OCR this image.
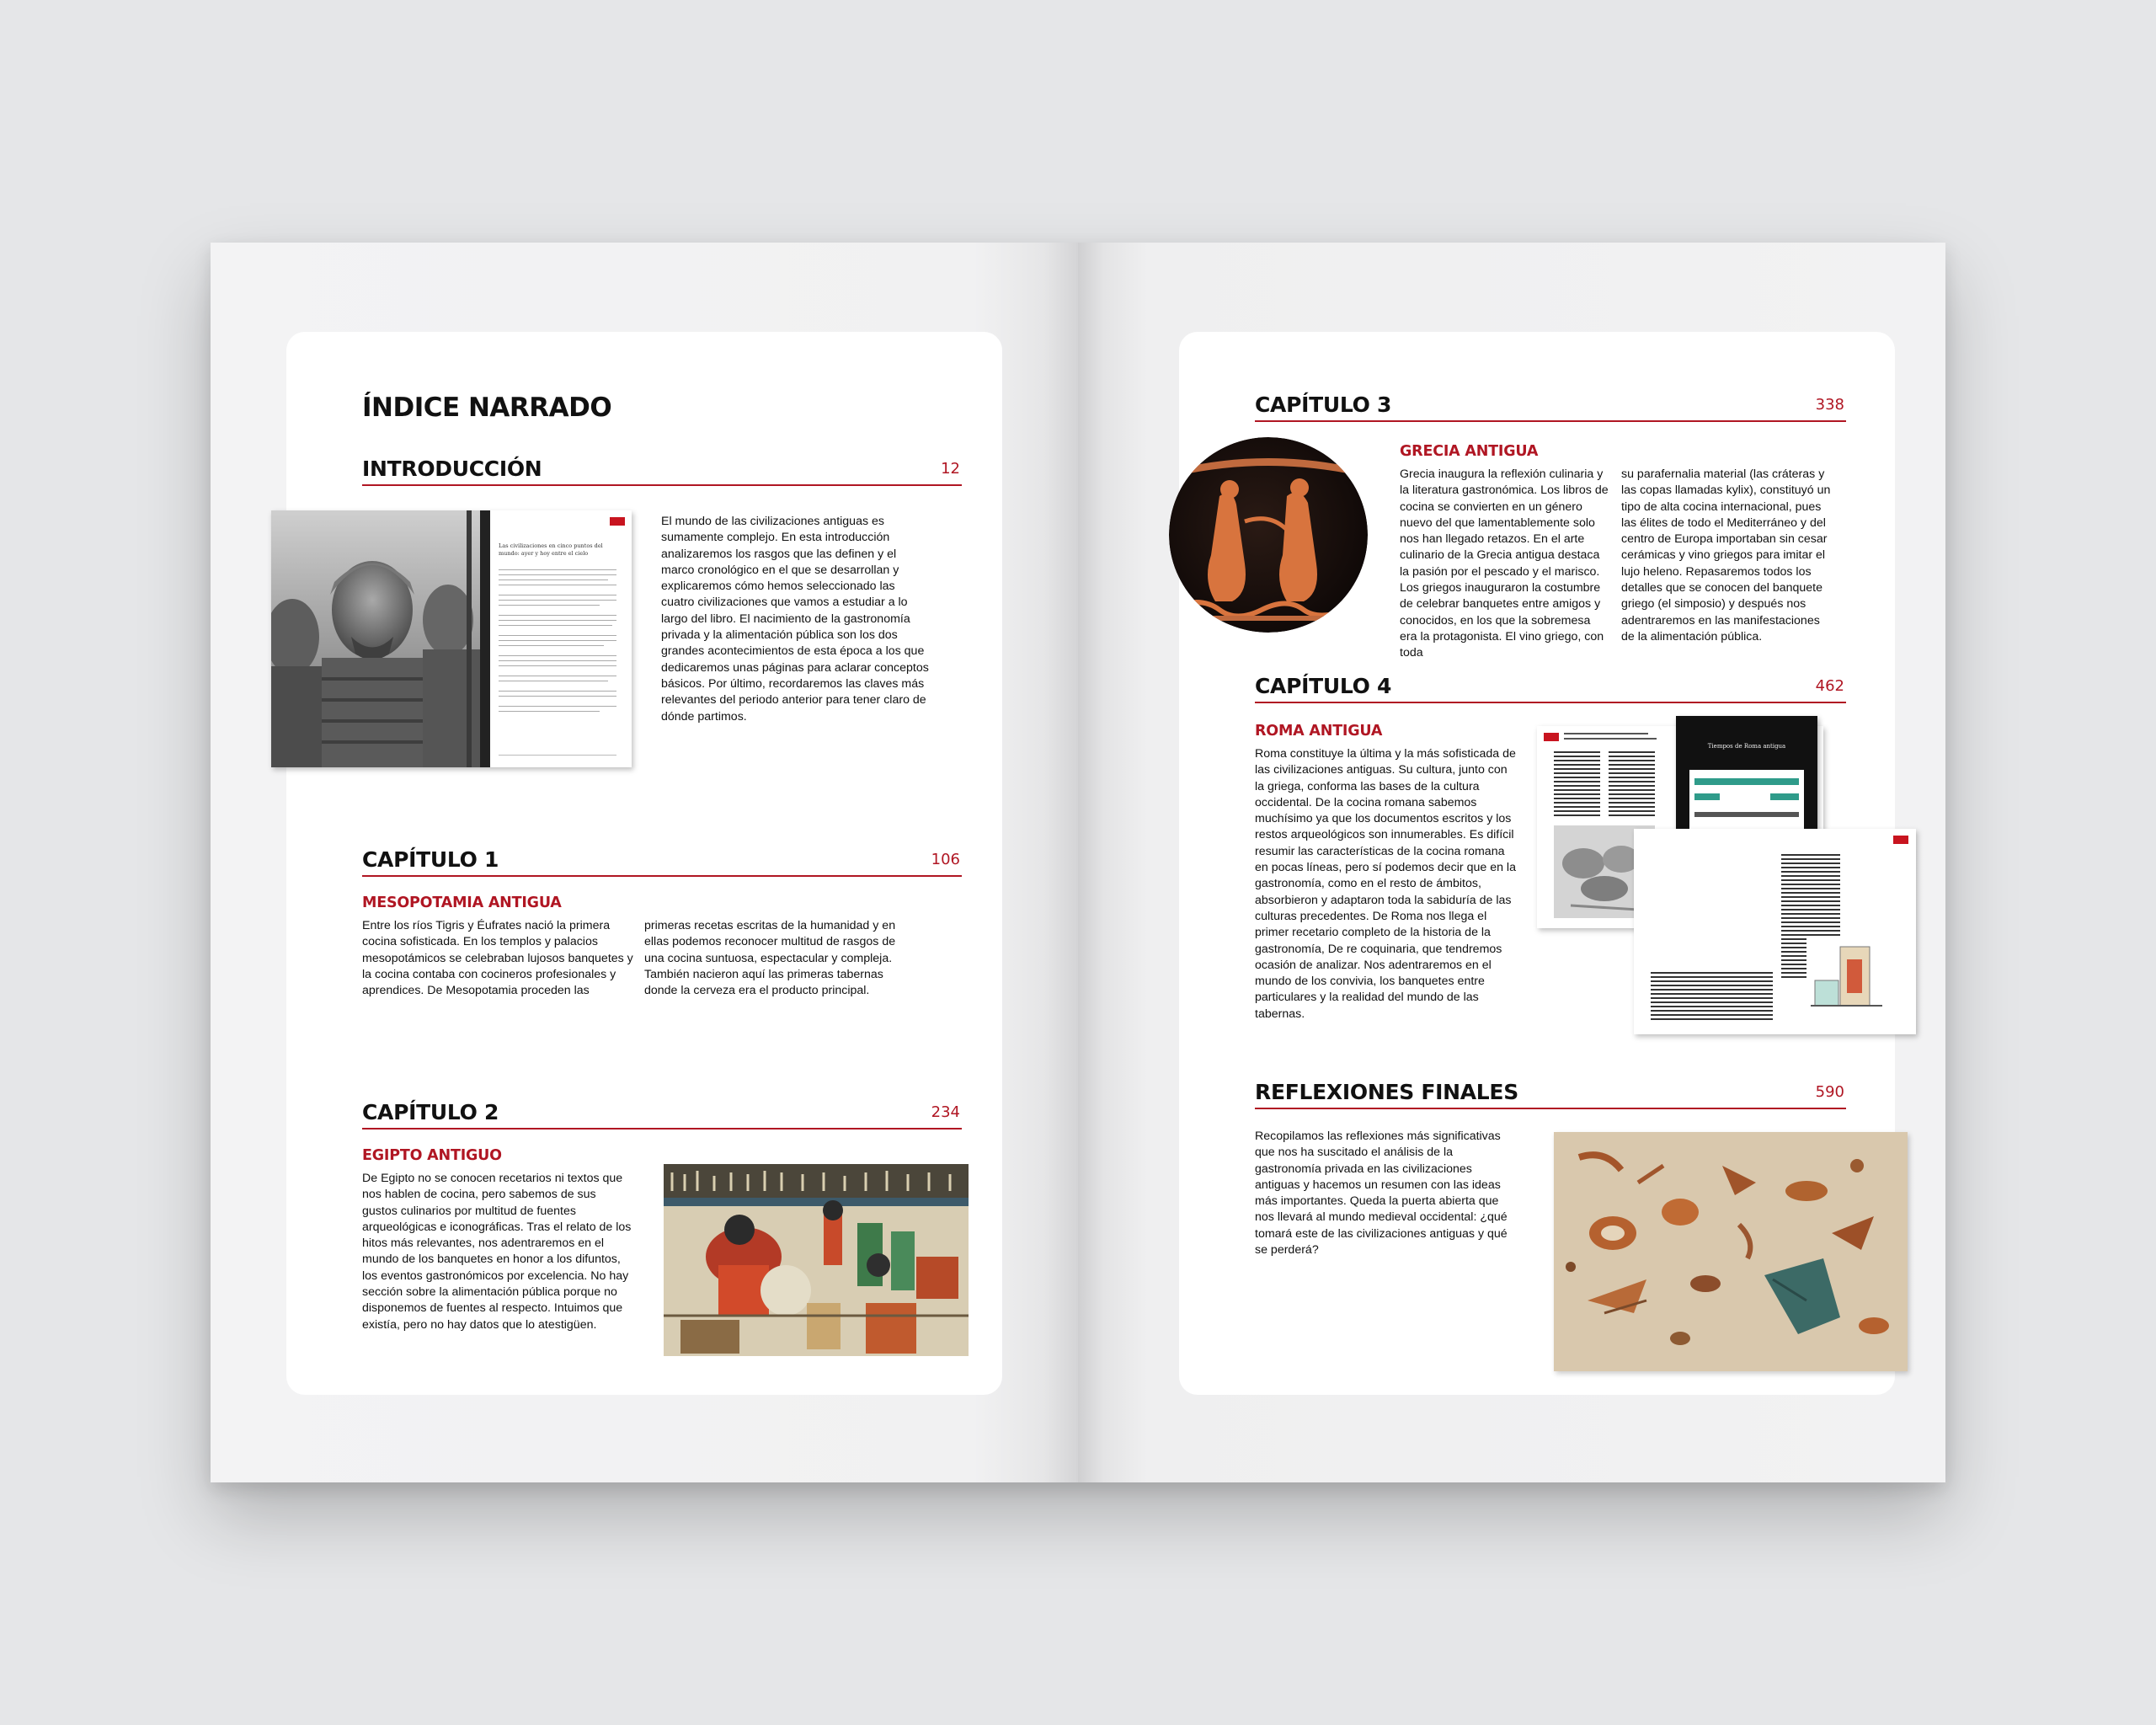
ÍNDICE NARRADO
INTRODUCCIÓN	12
Las civilizaciones en cinco puntos del mundo: ayer y hoy entre el cielo
El mundo de las civilizaciones antiguas es sumamente complejo. En esta introducción analizaremos los rasgos que las definen y el marco cronológico en el que se desarrollan y explicaremos cómo hemos seleccionado las cuatro civilizaciones que vamos a estudiar a lo largo del libro. El nacimiento de la gastronomía privada y la alimentación pública son los dos grandes acontecimientos de esta época a los que dedicaremos unas páginas para aclarar conceptos básicos. Por último, recordaremos las claves más relevantes del periodo anterior para tener claro de dónde partimos.
CAPÍTULO 1	106
MESOPOTAMIA ANTIGUA
Entre los ríos Tigris y Éufrates nació la primera cocina sofisticada. En los templos y palacios mesopotámicos se celebraban lujosos banquetes y la cocina contaba con cocineros profesionales y aprendices. De Mesopotamia proceden las
primeras recetas escritas de la humanidad y en ellas podemos reconocer multitud de rasgos de una cocina suntuosa, espectacular y compleja. También nacieron aquí las primeras tabernas donde la cerveza era el producto principal.
CAPÍTULO 2	234
EGIPTO ANTIGUO
De Egipto no se conocen recetarios ni textos que nos hablen de cocina, pero sabemos de sus gustos culinarios por multitud de fuentes arqueológicas e iconográficas. Tras el relato de los hitos más relevantes, nos adentraremos en el mundo de los banquetes en honor a los difuntos, los eventos gastronómicos por excelencia. No hay sección sobre la alimentación pública porque no disponemos de fuentes al respecto. Intuimos que existía, pero no hay datos que lo atestigüen.
CAPÍTULO 3	338
GRECIA ANTIGUA
Grecia inaugura la reflexión culinaria y la literatura gastronómica. Los libros de cocina se convierten en un género nuevo del que lamentablemente solo nos han llegado retazos. En el arte culinario de la Grecia antigua destaca la pasión por el pescado y el marisco. Los griegos inauguraron la costumbre de celebrar banquetes entre amigos y conocidos, en los que la sobremesa era la protagonista. El vino griego, con toda
su parafernalia material (las cráteras y las copas llamadas kylix), constituyó un tipo de alta cocina internacional, pues las élites de todo el Mediterráneo y del centro de Europa importaban sin cesar cerámicas y vino griegos para imitar el lujo heleno. Repasaremos todos los detalles que se conocen del banquete griego (el simposio) y después nos adentraremos en las manifestaciones de la alimentación pública.
CAPÍTULO 4	462
ROMA ANTIGUA
Roma constituye la última y la más sofisticada de las civilizaciones antiguas. Su cultura, junto con la griega, conforma las bases de la cultura occidental. De la cocina romana sabemos muchísimo ya que los documentos escritos y los restos arqueológicos son innumerables. Es difícil resumir las características de la cocina romana en pocas líneas, pero sí podemos decir que en la gastronomía, como en el resto de ámbitos, absorbieron y adaptaron toda la sabiduría de las culturas precedentes. De Roma nos llega el primer recetario completo de la historia de la gastronomía, De re coquinaria, que tendremos ocasión de analizar. Nos adentraremos en el mundo de los convivia, los banquetes entre particulares y la realidad del mundo de las tabernas.
Tiempos de Roma antigua
REFLEXIONES FINALES	590
Recopilamos las reflexiones más significativas que nos ha suscitado el análisis de la gastronomía privada en las civilizaciones antiguas y hacemos un resumen con las ideas más importantes. Queda la puerta abierta que nos llevará al mundo medieval occidental: ¿qué tomará este de las civilizaciones antiguas y qué se perderá?
